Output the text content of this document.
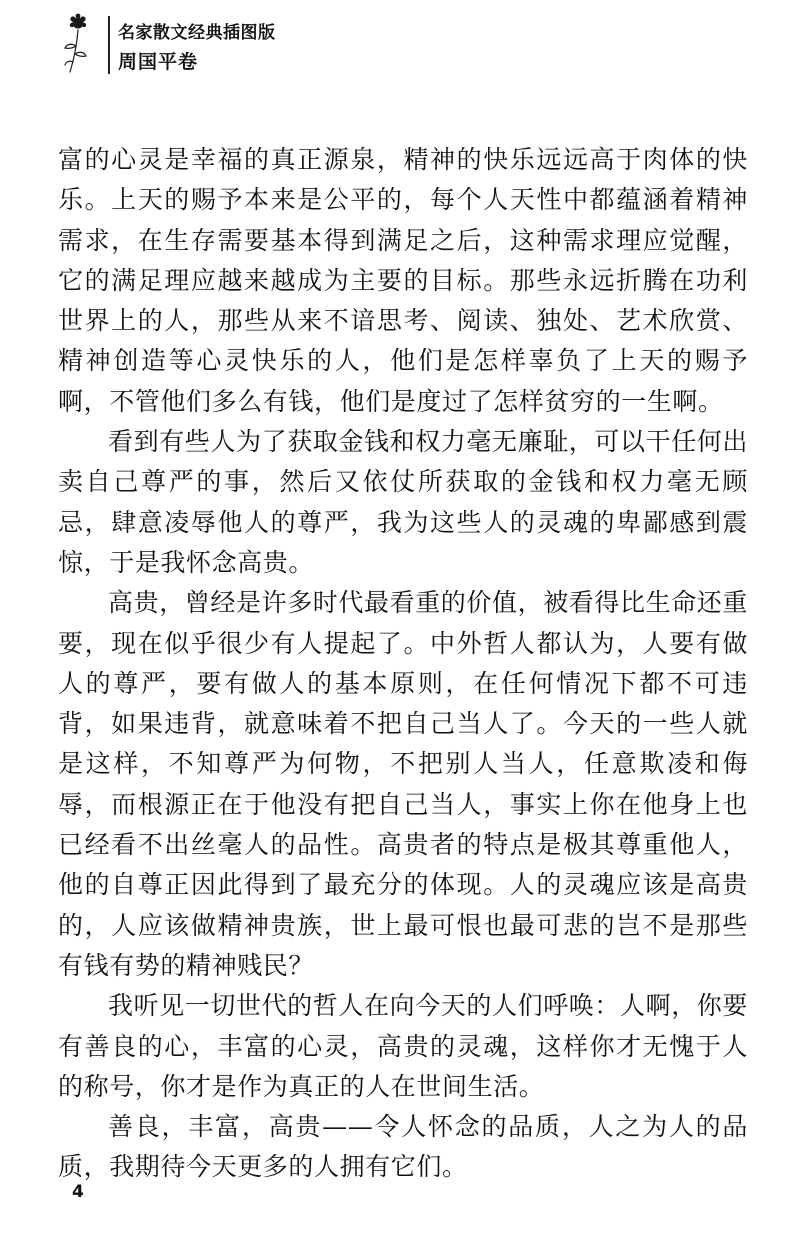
名家散文经典插图版
周国平卷

富的心灵是幸福的真正源泉，精神的快乐远远高于肉体的快乐。上天的赐予本来是公平的，每个人天性中都蕴涵着精神需求，在生存需要基本得到满足之后，这种需求理应觉醒，它的满足理应越来越成为主要的目标。那些永远折腾在功利世界上的人，那些从来不谙思考、阅读、独处、艺术欣赏、精神创造等心灵快乐的人，他们是怎样辜负了上天的赐予啊，不管他们多么有钱，他们是度过了怎样贫穷的一生啊。

看到有些人为了获取金钱和权力毫无廉耻，可以干任何出卖自己尊严的事，然后又依仗所获取的金钱和权力毫无顾忌，肆意凌辱他人的尊严，我为这些人的灵魂的卑鄙感到震惊，于是我怀念高贵。

高贵，曾经是许多时代最看重的价值，被看得比生命还重要，现在似乎很少有人提起了。中外哲人都认为，人要有做人的尊严，要有做人的基本原则，在任何情况下都不可违背，如果违背，就意味着不把自己当人了。今天的一些人就是这样，不知尊严为何物，不把别人当人，任意欺凌和侮辱，而根源正在于他没有把自己当人，事实上你在他身上也已经看不出丝毫人的品性。高贵者的特点是极其尊重他人，他的自尊正因此得到了最充分的体现。人的灵魂应该是高贵的，人应该做精神贵族，世上最可恨也最可悲的岂不是那些有钱有势的精神贱民？

我听见一切世代的哲人在向今天的人们呼唤：人啊，你要有善良的心，丰富的心灵，高贵的灵魂，这样你才无愧于人的称号，你才是作为真正的人在世间生活。

善良，丰富，高贵——令人怀念的品质，人之为人的品质，我期待今天更多的人拥有它们。

4
